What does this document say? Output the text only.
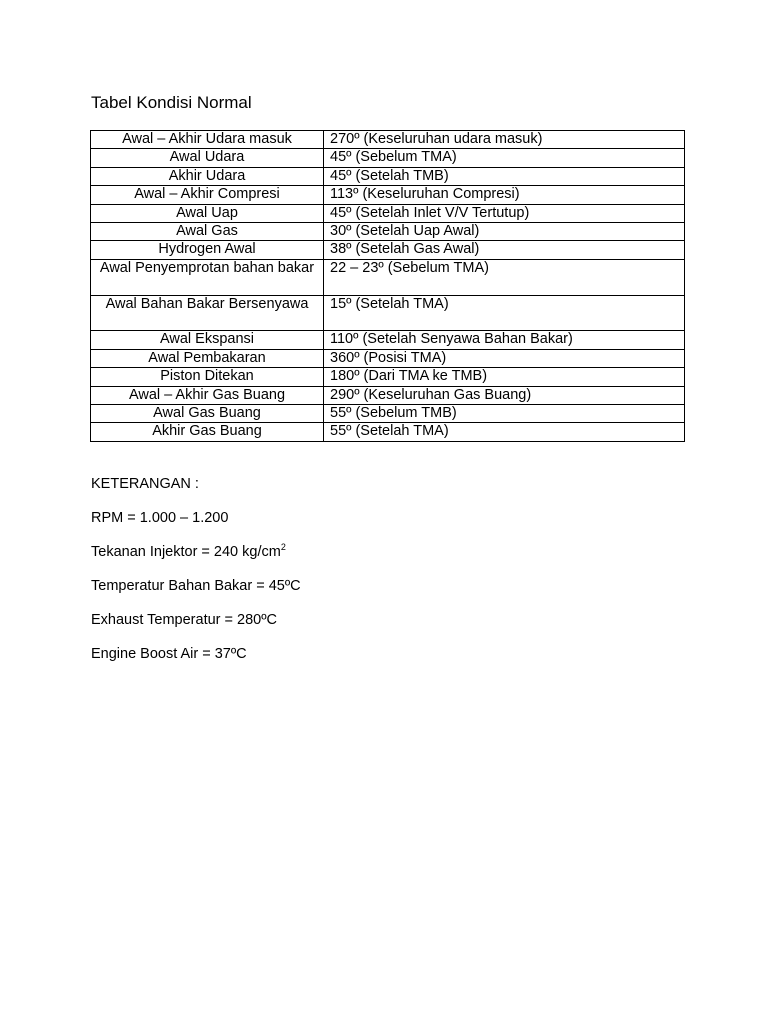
Tabel Kondisi Normal
Awal – Akhir Udara masuk	270º (Keseluruhan udara masuk)
Awal Udara	45º (Sebelum TMA)
Akhir Udara	45º (Setelah TMB)
Awal – Akhir Compresi	113º (Keseluruhan Compresi)
Awal Uap	45º (Setelah Inlet V/V Tertutup)
Awal Gas	30º (Setelah Uap Awal)
Hydrogen Awal	38º (Setelah Gas Awal)
Awal Penyemprotan bahan bakar	22 – 23º (Sebelum TMA)
Awal Bahan Bakar Bersenyawa	15º (Setelah TMA)
Awal Ekspansi	110º (Setelah Senyawa Bahan Bakar)
Awal Pembakaran	360º (Posisi TMA)
Piston Ditekan	180º (Dari TMA ke TMB)
Awal – Akhir Gas Buang	290º (Keseluruhan Gas Buang)
Awal Gas Buang	55º (Sebelum TMB)
Akhir Gas Buang	55º (Setelah TMA)

KETERANGAN :

RPM = 1.000 – 1.200

Tekanan Injektor = 240 $kg/cm^2$

Temperatur Bahan Bakar = 45ºC

Exhaust Temperatur = 280ºC

Engine Boost Air = 37ºC
